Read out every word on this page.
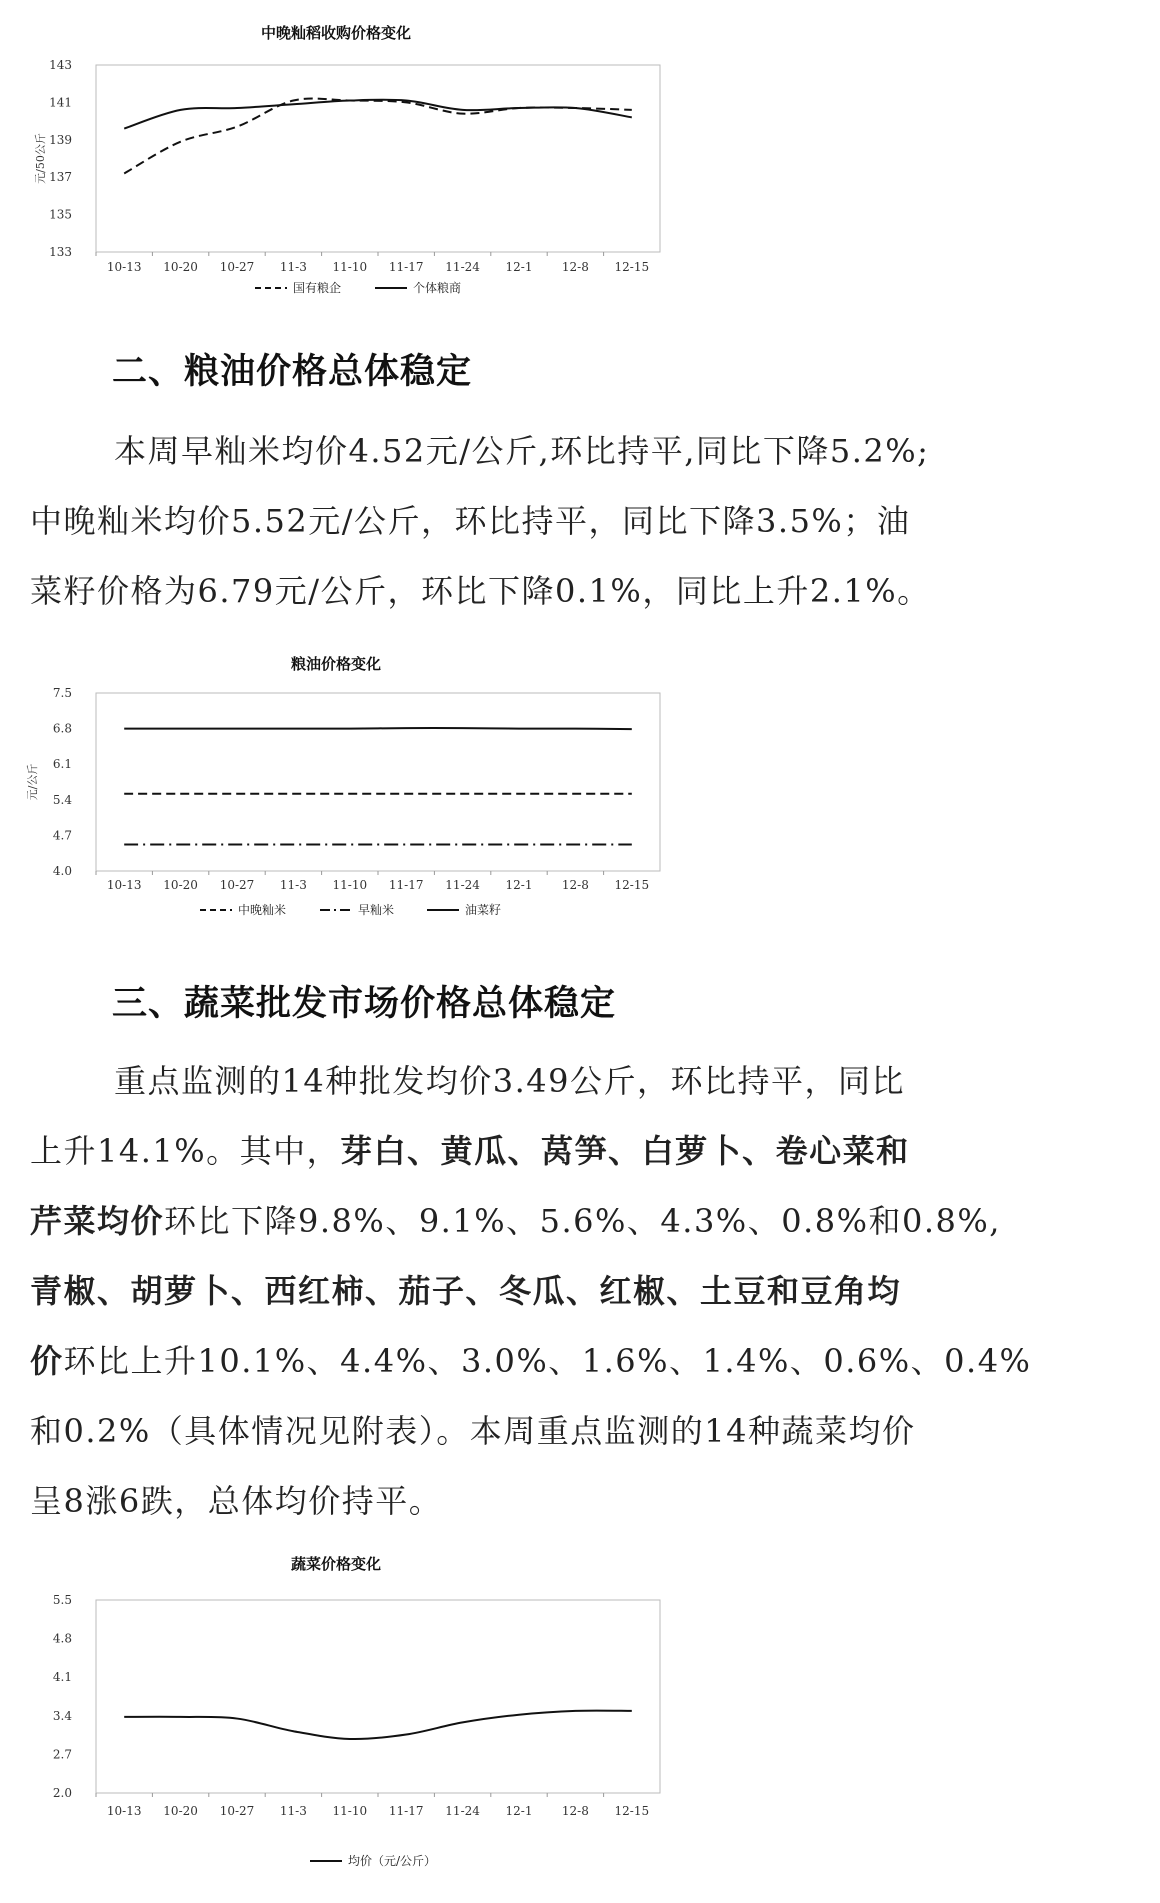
中晚籼稻收购价格变化
133
135
137
139
141
143
10-13 10-20 10-27 11-3 11-10 11-17 11-24 12-1 12-8 12-15
元/50公斤
国有粮企	个体粮商
二、粮油价格总体稳定
本周早籼米均价4.52元/公斤,环比持平,同比下降5.2%;
中晚籼米均价5.52元/公斤，环比持平，同比下降3.5%；油
菜籽价格为6.79元/公斤，环比下降0.1%，同比上升2.1%。
粮油价格变化
4.0
4.7
5.4
6.1
6.8
7.5
10-13 10-20 10-27 11-3 11-10 11-17 11-24 12-1 12-8 12-15
元/公斤
中晚籼米	早籼米	油菜籽
三、蔬菜批发市场价格总体稳定
重点监测的14种批发均价3.49公斤，环比持平，同比
上升14.1%。其中，芽白、黄瓜、莴笋、白萝卜、卷心菜和
芹菜均价环比下降9.8%、9.1%、5.6%、4.3%、0.8%和0.8%,
青椒、胡萝卜、西红柿、茄子、冬瓜、红椒、土豆和豆角均
价环比上升10.1%、4.4%、3.0%、1.6%、1.4%、0.6%、0.4%
和0.2%（具体情况见附表）。本周重点监测的14种蔬菜均价
呈8涨6跌，总体均价持平。
蔬菜价格变化
2.0
2.7
3.4
4.1
4.8
5.5
10-13 10-20 10-27 11-3 11-10 11-17 11-24 12-1 12-8 12-15
均价（元/公斤）
